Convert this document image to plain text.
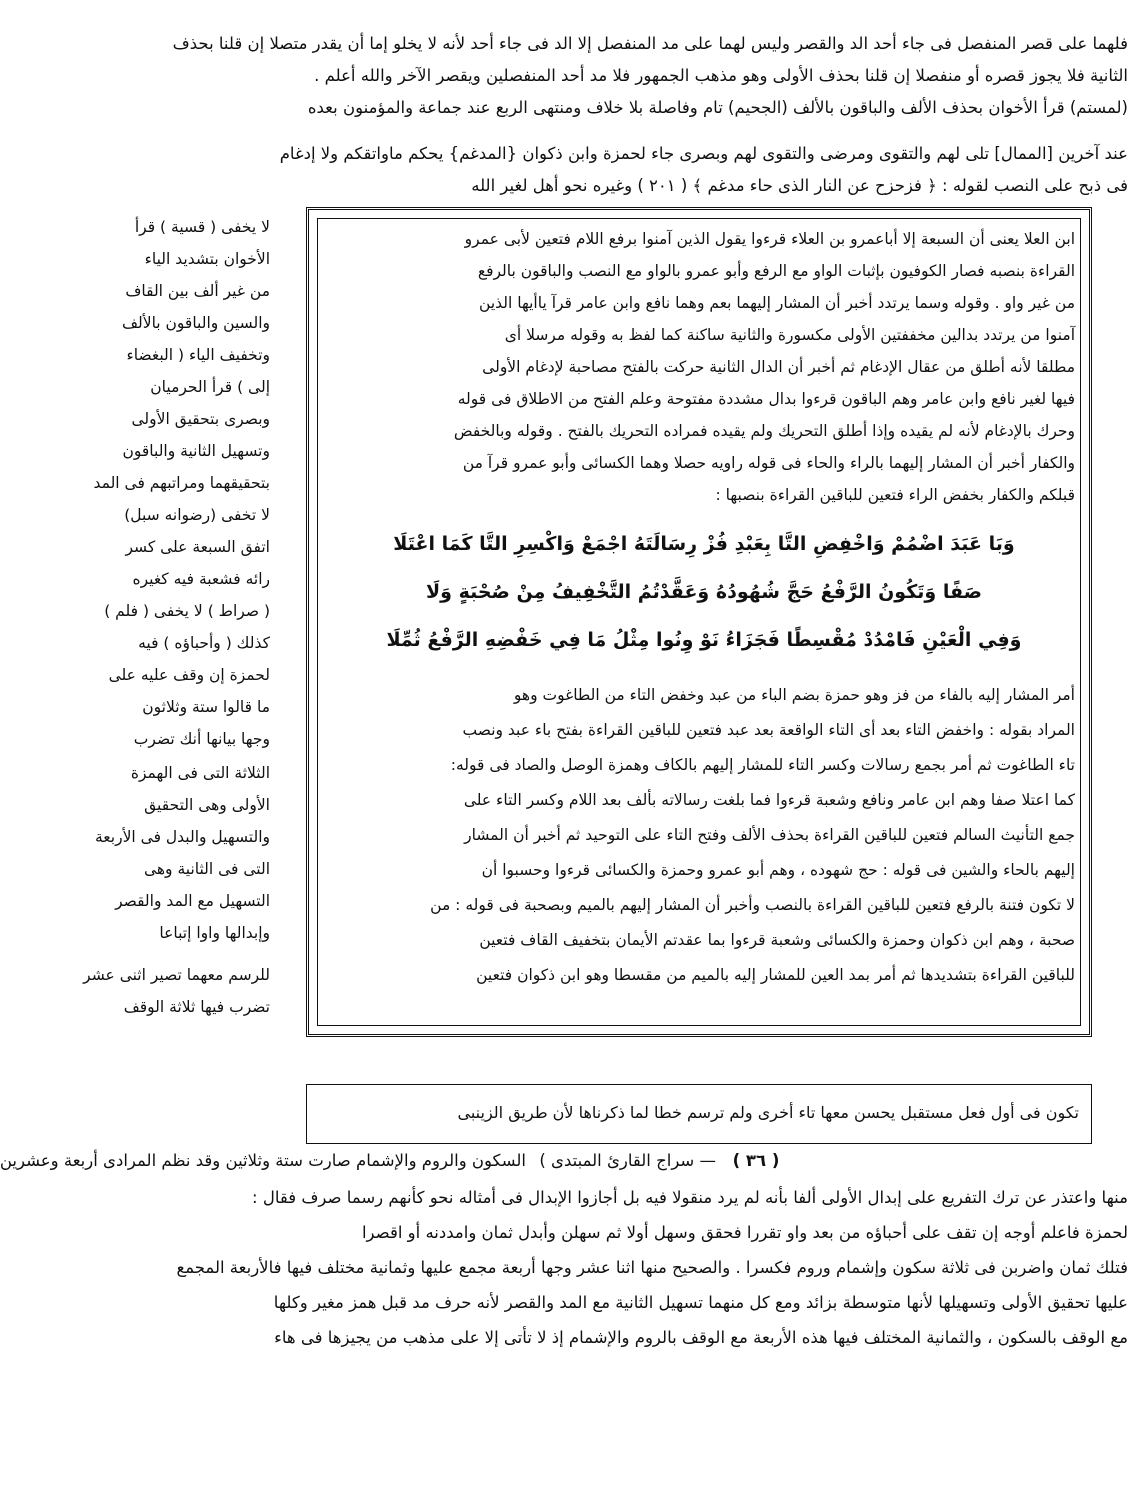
فلهما على قصر المنفصل فى جاء أحد الد والقصر وليس لهما على مد المنفصل إلا الد فى جاء أحد لأنه لا يخلو إما أن يقدر متصلا إن قلنا بحذف
الثانية فلا يجوز قصره أو منفصلا إن قلنا بحذف الأولى وهو مذهب الجمهور فلا مد أحد المنفصلين ويقصر الآخر والله أعلم .
(لمستم) قرأ الأخوان بحذف الألف والباقون بالألف (الجحيم) تام وفاصلة بلا خلاف ومنتهى الربع عند جماعة والمؤمنون بعده
عند آخرين [الممال] تلى لهم والتقوى ومرضى والتقوى لهم وبصرى جاء لحمزة وابن ذكوان {المدغم} يحكم ماواتقكم ولا إدغام
فى ذبح على النصب لقوله : ﴿ فزحزح عن النار الذى حاء مدغم ﴾ ( ٢٠١ ) وغيره نحو أهل لغير الله
لا يخفى ( قسية ) قرأ
الأخوان بتشديد الياء
من غير ألف بين القاف
والسين والباقون بالألف
وتخفيف الياء ( البغضاء
إلى ) قرأ الحرميان
وبصرى بتحقيق الأولى
وتسهيل الثانية والباقون
بتحقيقهما ومراتبهم فى المد
لا تخفى (رضوانه سبل)
اتفق السبعة على كسر
رائه فشعبة فيه كغيره
( صراط ) لا يخفى ( فلم )
كذلك ( وأحباؤه ) فيه
لحمزة إن وقف عليه على
ما قالوا ستة وثلاثون
وجها بيانها أنك تضرب
الثلاثة التى فى الهمزة
الأولى وهى التحقيق
والتسهيل والبدل فى الأربعة
التى فى الثانية وهى
التسهيل مع المد والقصر
وإبدالها واوا إتباعا
للرسم معهما تصير اثنى عشر
تضرب فيها ثلاثة الوقف
ابن العلا يعنى أن السبعة إلا أباعمرو بن العلاء قرءوا يقول الذين آمنوا برفع اللام فتعين لأبى عمرو
القراءة بنصبه فصار الكوفيون بإثبات الواو مع الرفع وأبو عمرو بالواو مع النصب والباقون بالرفع
من غير واو . وقوله وسما يرتدد أخبر أن المشار إليهما بعم وهما نافع وابن عامر قرآ ياأيها الذين
آمنوا من يرتدد بدالين مخففتين الأولى مكسورة والثانية ساكنة كما لفظ به وقوله مرسلا أى
مطلقا لأنه أطلق من عقال الإدغام ثم أخبر أن الدال الثانية حركت بالفتح مصاحبة لإدغام الأولى
فيها لغير نافع وابن عامر وهم الباقون قرءوا بدال مشددة مفتوحة وعلم الفتح من الاطلاق فى قوله
وحرك بالإدغام لأنه لم يقيده وإذا أطلق التحريك ولم يقيده فمراده التحريك بالفتح . وقوله وبالخفض
والكفار أخبر أن المشار إليهما بالراء والحاء فى قوله راويه حصلا وهما الكسائى وأبو عمرو قرآ من
قبلكم والكفار بخفض الراء فتعين للباقين القراءة بنصبها :
وَبَا عَبَدَ اضْمُمْ وَاخْفِضِ التَّا بِعَبْدِ فُزْ رِسَالَتَهُ اجْمَعْ وَاكْسِرِ التَّا كَمَا اعْتَلَا
صَفًا وَتَكُونُ الرَّفْعُ حَجَّ شُهُودُهُ وَعَقَّدْتُمُ التَّخْفِيفُ مِنْ صُحْبَةٍ وَلَا
وَفِي الْعَيْنِ فَامْدُدْ مُقْسِطًا فَجَزَاءُ نَوْ وِنُوا مِثْلُ مَا فِي خَفْضِهِ الرَّفْعُ ثُمِّلَا
أمر المشار إليه بالفاء من فز وهو حمزة بضم الباء من عبد وخفض التاء من الطاغوت وهو
المراد بقوله : واخفض التاء بعد أى التاء الواقعة بعد عبد فتعين للباقين القراءة بفتح باء عبد ونصب
تاء الطاغوت ثم أمر بجمع رسالات وكسر التاء للمشار إليهم بالكاف وهمزة الوصل والصاد فى قوله:
كما اعتلا صفا وهم ابن عامر ونافع وشعبة قرءوا فما بلغت رسالاته بألف بعد اللام وكسر التاء على
جمع التأنيث السالم فتعين للباقين القراءة بحذف الألف وفتح التاء على التوحيد ثم أخبر أن المشار
إليهم بالحاء والشين فى قوله : حج شهوده ، وهم أبو عمرو وحمزة والكسائى قرءوا وحسبوا أن
لا تكون فتنة بالرفع فتعين للباقين القراءة بالنصب وأخبر أن المشار إليهم بالميم وبصحبة فى قوله : من
صحبة ، وهم ابن ذكوان وحمزة والكسائى وشعبة قرءوا بما عقدتم الأيمان بتخفيف القاف فتعين
للباقين القراءة بتشديدها ثم أمر بمد العين للمشار إليه بالميم من مقسطا وهو ابن ذكوان فتعين
تكون فى أول فعل مستقبل يحسن معها تاء أخرى ولم ترسم خطا لما ذكرناها لأن طريق الزينبى
السكون والروم والإشمام صارت ستة وثلاثين وقد نظم المرادى أربعة وعشرين — سراج القارئ المبتدى )	( ٣٦ )
منها واعتذر عن ترك التفريع على إبدال الأولى ألفا بأنه لم يرد منقولا فيه بل أجازوا الإبدال فى أمثاله نحو كأنهم رسما صرف فقال :
لحمزة فاعلم أوجه إن تقف على أحباؤه من بعد واو تقررا فحقق وسهل أولا ثم سهلن وأبدل ثمان وامددنه أو اقصرا
فتلك ثمان واضربن فى ثلاثة سكون وإشمام وروم فكسرا . والصحيح منها اثنا عشر وجها أربعة مجمع عليها وثمانية مختلف فيها فالأربعة المجمع
عليها تحقيق الأولى وتسهيلها لأنها متوسطة بزائد ومع كل منهما تسهيل الثانية مع المد والقصر لأنه حرف مد قبل همز مغير وكلها
مع الوقف بالسكون ، والثمانية المختلف فيها هذه الأربعة مع الوقف بالروم والإشمام إذ لا تأتى إلا على مذهب من يجيزها فى هاء
